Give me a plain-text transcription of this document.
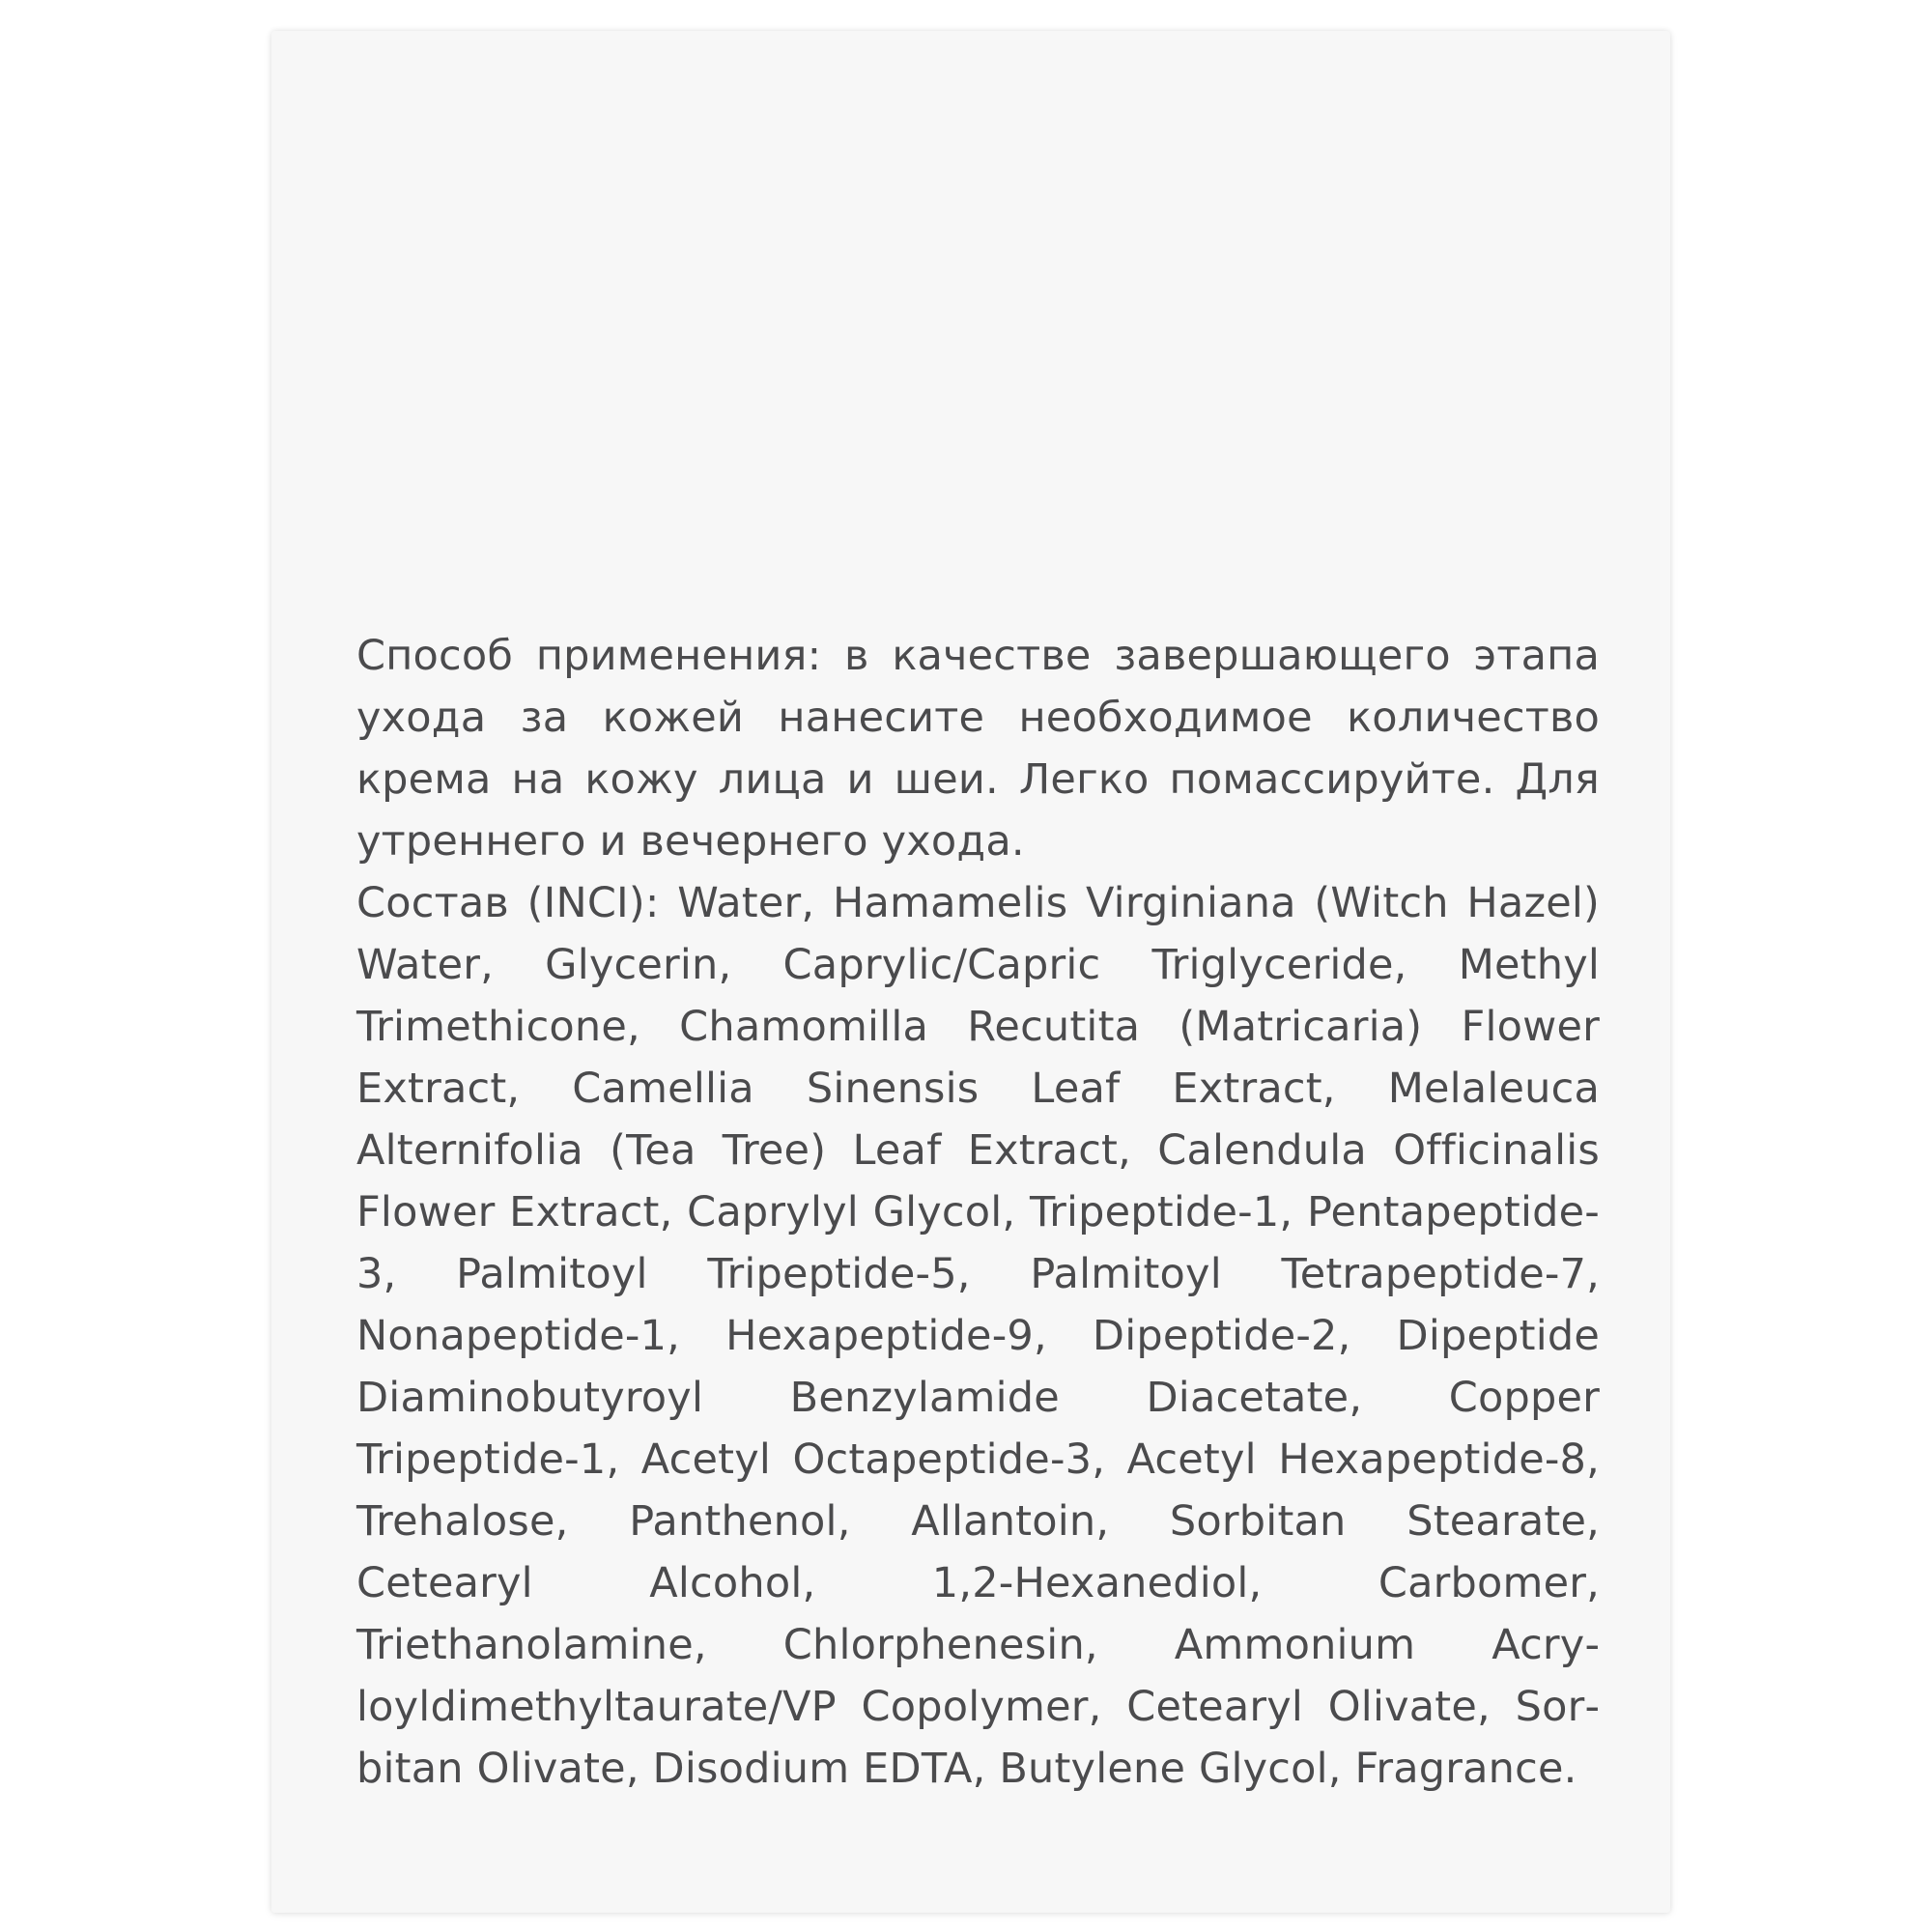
Способ применения: в качестве завершающего этапа ухода за кожей нанесите необходимое количество крема на кожу лица и шеи. Легко помассируйте. Для утреннего и вечернего ухода.

Состав (INCI): Water, Hamamelis Virginiana (Witch Hazel) Water, Glycerin, Caprylic/Capric Triglyceride, Methyl Trimethicone, Chamomilla Recutita (Matricaria) Flower Extract, Camellia Sinensis Leaf Extract, Melaleuca Alternifolia (Tea Tree) Leaf Extract, Calendula Officinalis Flower Extract, Caprylyl Glycol, Tripeptide-1, Pentapeptide-3, Palmitoyl Tripeptide-5, Palmitoyl Tetrapeptide-7, Nonapeptide-1, Hexapeptide-9, Dipeptide-2, Dipeptide Diaminobutyroyl Benzylamide Diacetate, Copper Tripeptide-1, Acetyl Octapeptide-3, Acetyl Hexapeptide-8, Trehalose, Panthenol, Allantoin, Sorbitan Stearate, Cetearyl Alcohol, 1,2-Hexanediol, Carbomer, Triethanolamine, Chlorphenesin, Ammonium Acryloyldimethyltaurate/VP Copolymer, Cetearyl Olivate, Sorbitan Olivate, Disodium EDTA, Butylene Glycol, Fragrance.
